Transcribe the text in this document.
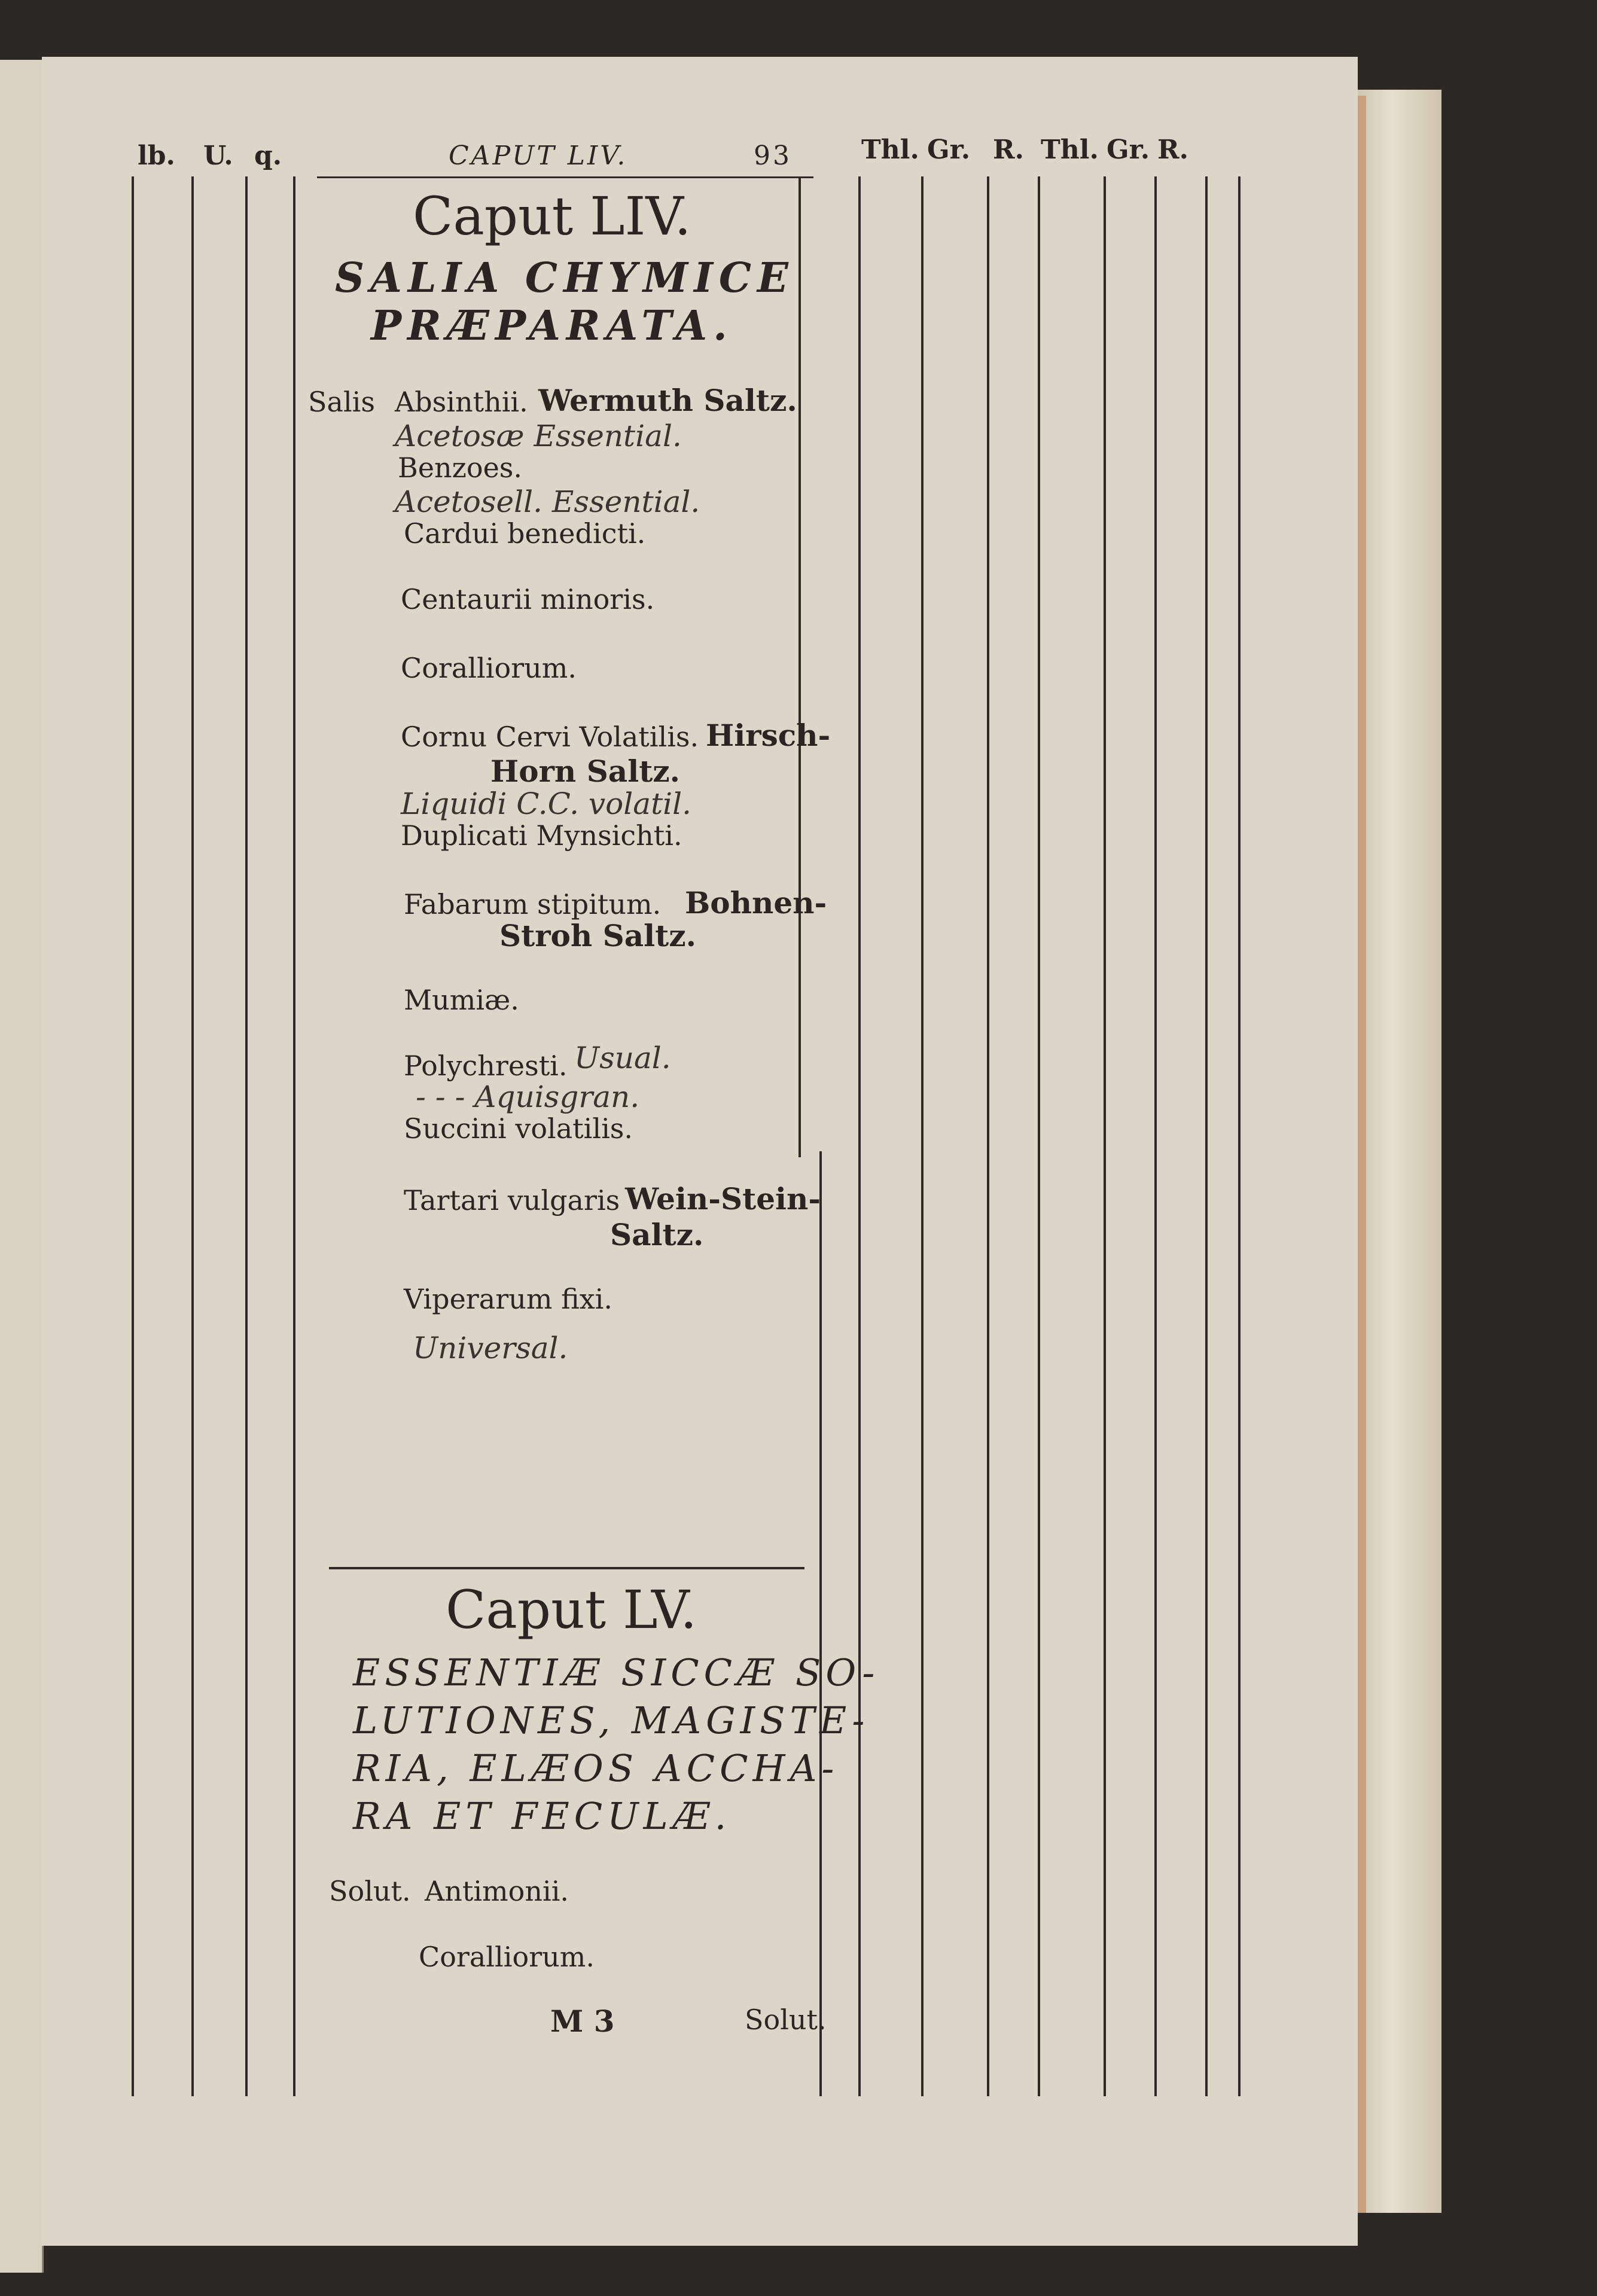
lb. U. q.	CAPUT LIV.	93	Thl. Gr. R. Thl. Gr. R.
Caput LIV.
SALIA CHYMICE
PRÆPARATA.
Salis Absinthii. Wermuth Saltz.
Acetosæ Essential.
Benzoes.
Acetosell. Essential.
Cardui benedicti.
Centaurii minoris.
Coralliorum.
Cornu Cervi Volatilis. Hirsch-
Horn Saltz.
Liquidi C.C. volatil.
Duplicati Mynsichti.
Fabarum stipitum. Bohnen-
Stroh Saltz.
Mumiæ.
Polychresti. Usual.
- - - Aquisgran.
Succini volatilis.
Tartari vulgaris Wein-Stein-
Saltz.
Viperarum fixi.
Universal.
Caput LV.
ESSENTIÆ SICCÆ SO-
LUTIONES, MAGISTE-
RIA, ELÆOS ACCHA-
RA ET FECULÆ.
Solut. Antimonii.
Coralliorum.
M 3	Solut.
